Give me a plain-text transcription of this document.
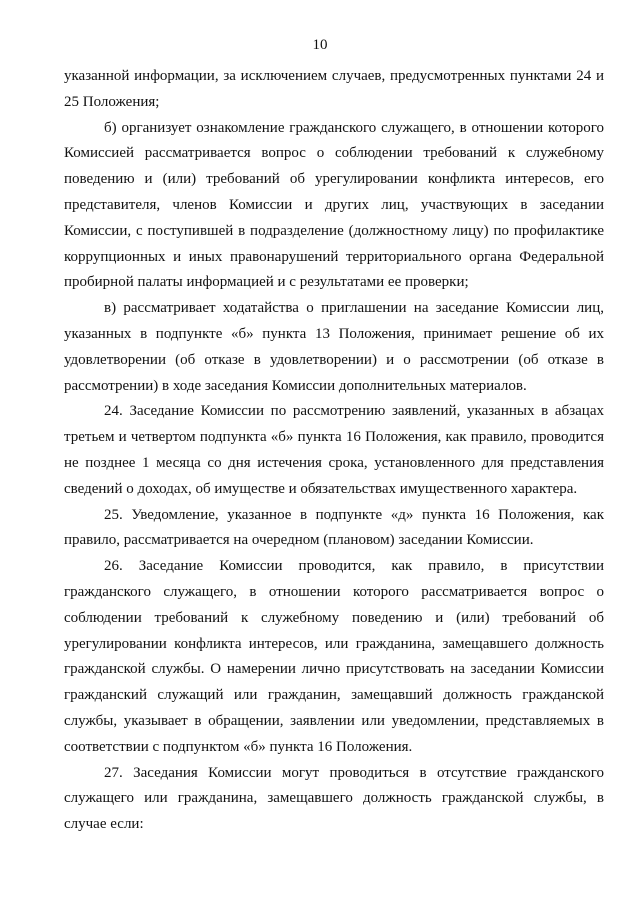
10

указанной информации, за исключением случаев, предусмотренных пунктами 24 и 25 Положения;

б) организует ознакомление гражданского служащего, в отношении которого Комиссией рассматривается вопрос о соблюдении требований к служебному поведению и (или) требований об урегулировании конфликта интересов, его представителя, членов Комиссии и других лиц, участвующих в заседании Комиссии, с поступившей в подразделение (должностному лицу) по профилактике коррупционных и иных правонарушений территориального органа Федеральной пробирной палаты информацией и с результатами ее проверки;

в) рассматривает ходатайства о приглашении на заседание Комиссии лиц, указанных в подпункте «б» пункта 13 Положения, принимает решение об их удовлетворении (об отказе в удовлетворении) и о рассмотрении (об отказе в рассмотрении) в ходе заседания Комиссии дополнительных материалов.

24. Заседание Комиссии по рассмотрению заявлений, указанных в абзацах третьем и четвертом подпункта «б» пункта 16 Положения, как правило, проводится не позднее 1 месяца со дня истечения срока, установленного для представления сведений о доходах, об имуществе и обязательствах имущественного характера.

25. Уведомление, указанное в подпункте «д» пункта 16 Положения, как правило, рассматривается на очередном (плановом) заседании Комиссии.

26. Заседание Комиссии проводится, как правило, в присутствии гражданского служащего, в отношении которого рассматривается вопрос о соблюдении требований к служебному поведению и (или) требований об урегулировании конфликта интересов, или гражданина, замещавшего должность гражданской службы. О намерении лично присутствовать на заседании Комиссии гражданский служащий или гражданин, замещавший должность гражданской службы, указывает в обращении, заявлении или уведомлении, представляемых в соответствии с подпунктом «б» пункта 16 Положения.

27. Заседания Комиссии могут проводиться в отсутствие гражданского служащего или гражданина, замещавшего должность гражданской службы, в случае если:
